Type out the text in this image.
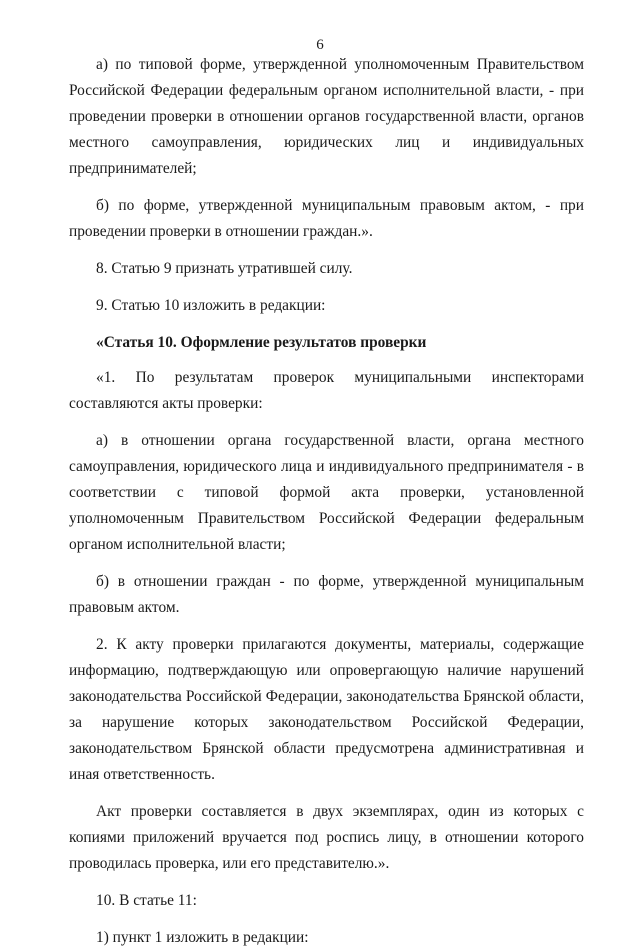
6

а) по типовой форме, утвержденной уполномоченным Правительством Российской Федерации федеральным органом исполнительной власти, - при проведении проверки в отношении органов государственной власти, органов местного самоуправления, юридических лиц и индивидуальных предпринимателей;

б) по форме, утвержденной муниципальным правовым актом, - при проведении проверки в отношении граждан.».

8. Статью 9 признать утратившей силу.

9. Статью 10 изложить в редакции:

«Статья 10. Оформление результатов проверки

«1. По результатам проверок муниципальными инспекторами составляются акты проверки:

а) в отношении органа государственной власти, органа местного самоуправления, юридического лица и индивидуального предпринимателя - в соответствии с типовой формой акта проверки, установленной уполномоченным Правительством Российской Федерации федеральным органом исполнительной власти;

б) в отношении граждан - по форме, утвержденной муниципальным правовым актом.

2. К акту проверки прилагаются документы, материалы, содержащие информацию, подтверждающую или опровергающую наличие нарушений законодательства Российской Федерации, законодательства Брянской области, за нарушение которых законодательством Российской Федерации, законодательством Брянской области предусмотрена административная и иная ответственность.

Акт проверки составляется в двух экземплярах, один из которых с копиями приложений вручается под роспись лицу, в отношении которого проводилась проверка, или его представителю.».

10. В статье 11:

1) пункт 1 изложить в редакции:
